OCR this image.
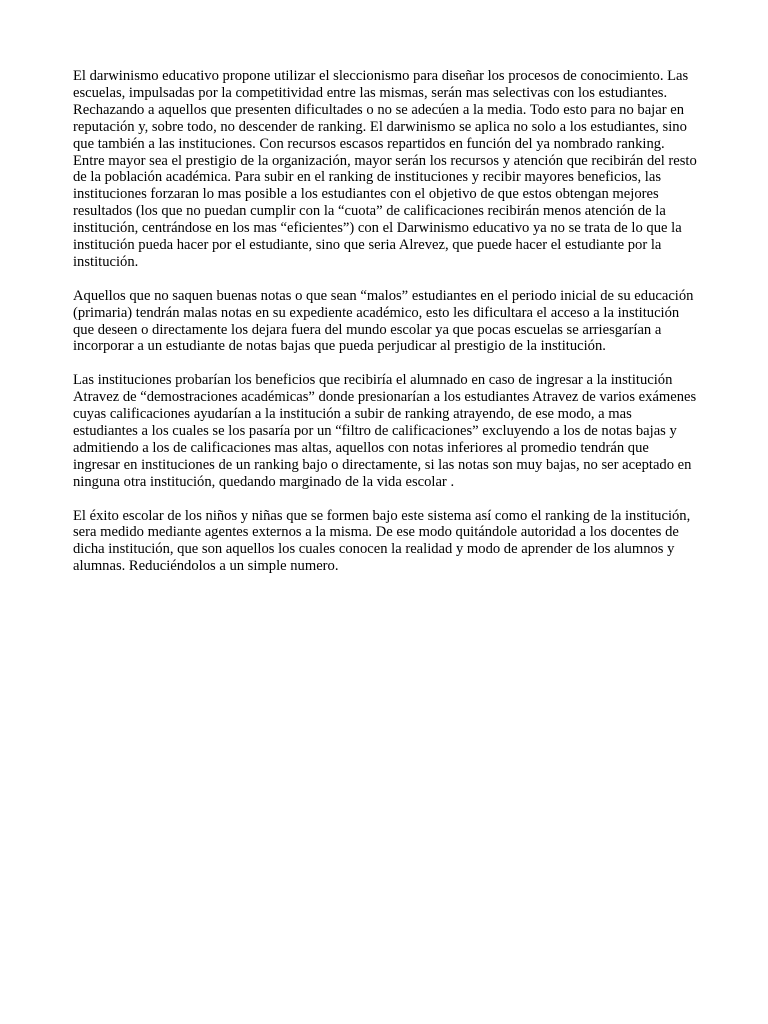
El darwinismo educativo propone utilizar el sleccionismo para diseñar los procesos de conocimiento. Las escuelas, impulsadas por la competitividad entre las mismas, serán mas selectivas con los estudiantes. Rechazando a aquellos que presenten dificultades o no se adecúen a la media. Todo esto para no bajar en reputación y, sobre todo, no descender de ranking. El darwinismo se aplica no solo a los estudiantes, sino que también a las instituciones. Con recursos escasos repartidos en función del ya nombrado ranking. Entre mayor sea el prestigio de la organización, mayor serán los recursos y atención que recibirán del resto de la población académica. Para subir en el ranking de instituciones y recibir mayores beneficios, las instituciones forzaran lo mas posible a los estudiantes con el objetivo de que estos obtengan mejores resultados (los que no puedan cumplir con la “cuota” de calificaciones recibirán menos atención de la institución, centrándose en los mas “eficientes”) con el Darwinismo educativo ya no se trata de lo que la institución pueda hacer por el estudiante, sino que seria Alrevez, que puede hacer el estudiante por la institución.

Aquellos que no saquen buenas notas o que sean “malos” estudiantes en el periodo inicial de su educación (primaria) tendrán malas notas en su expediente académico, esto les dificultara el acceso a la institución que deseen o directamente los dejara fuera del mundo escolar ya que pocas escuelas se arriesgarían a incorporar a un estudiante de notas bajas que pueda perjudicar al prestigio de la institución.

Las instituciones probarían los beneficios que recibiría el alumnado en caso de ingresar a la institución Atravez de “demostraciones académicas” donde presionarían a los estudiantes Atravez de varios exámenes cuyas calificaciones ayudarían a la institución a subir de ranking atrayendo, de ese modo, a mas estudiantes a los cuales se los pasaría por un “filtro de calificaciones” excluyendo a los de notas bajas y admitiendo a los de calificaciones mas altas, aquellos con notas inferiores al promedio tendrán que ingresar en instituciones de un ranking bajo o directamente, si las notas son muy bajas, no ser aceptado en ninguna otra institución, quedando marginado de la vida escolar .

El éxito escolar de los niños y niñas que se formen bajo este sistema así como el ranking de la institución, sera medido mediante agentes externos a la misma. De ese modo quitándole autoridad a los docentes de dicha institución, que son aquellos los cuales conocen la realidad y modo de aprender de los alumnos y alumnas. Reduciéndolos a un simple numero.
